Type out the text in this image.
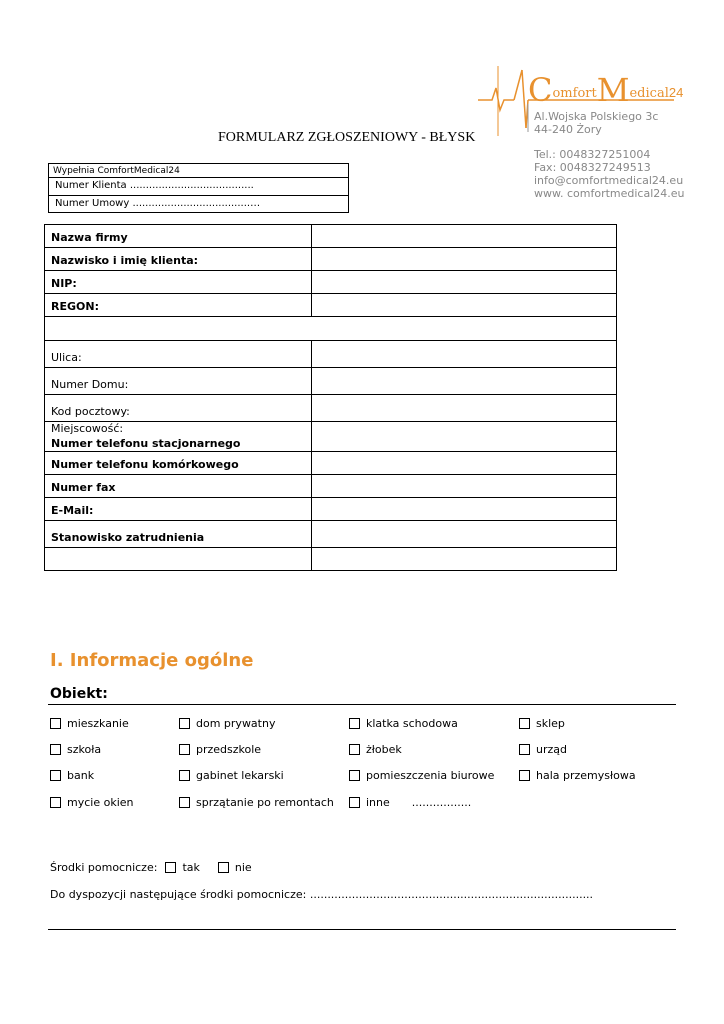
$C^{omfort}M^{edical24}$
Al.Wojska Polskiego 3c
44-240 Żory
Tel.: 0048327251004
Fax: 0048327249513
info@comfortmedical24.eu
www. comfortmedical24.eu
FORMULARZ ZGŁOSZENIOWY - BŁYSK
Wypełnia ComfortMedical24
Numer Klienta .......................................
Numer Umowy .....................................…
Nazwa firmy	
Nazwisko i imię klienta:	
NIP:	
REGON:	

Ulica:	
Numer Domu:	
Kod pocztowy:	

Miejscowość:
Numer telefonu stacjonarnego	

Numer telefonu komórkowego	
Numer fax	
E-Mail:	
Stanowisko zatrudnienia	

I. Informacje ogólne
Obiekt:
mieszkanie	dom prywatny	klatka schodowa	sklep
szkoła	przedszkole	żłobek	urząd
bank	gabinet lekarski	pomieszczenia biurowe	hala przemysłowa
mycie okien	sprzątanie po remontach	inne .................
Środki pomocnicze: tak	nie
Do dyspozycji następujące środki pomocnicze: .................................................................................
